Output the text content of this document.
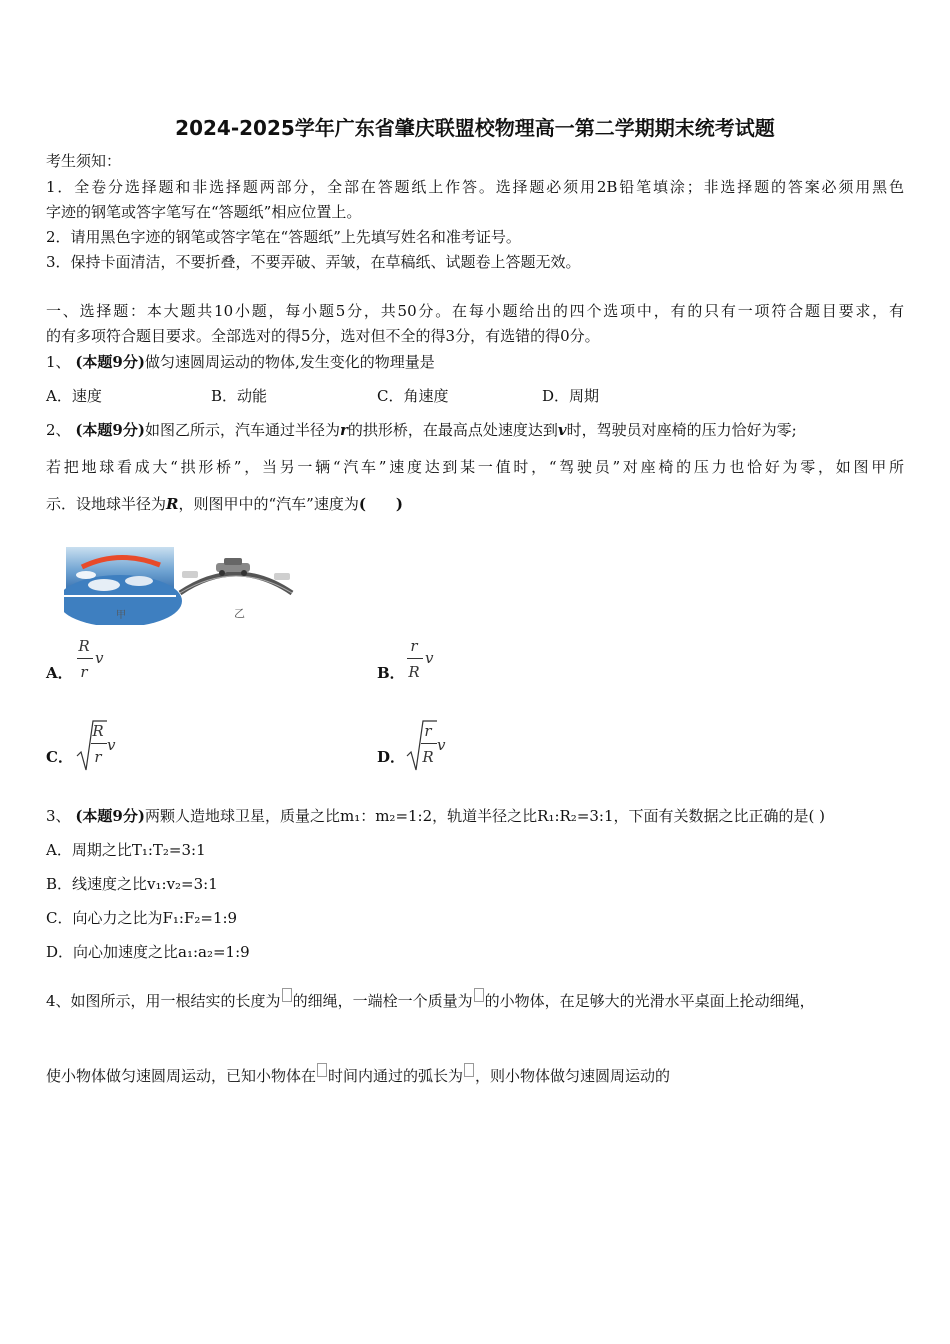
2024-2025学年广东省肇庆联盟校物理高一第二学期期末统考试题
考生须知：
1．全卷分选择题和非选择题两部分，全部在答题纸上作答。选择题必须用2B铅笔填涂；非选择题的答案必须用黑色
字迹的钢笔或答字笔写在“答题纸”相应位置上。
2．请用黑色字迹的钢笔或答字笔在“答题纸”上先填写姓名和准考证号。
3．保持卡面清洁，不要折叠，不要弄破、弄皱，在草稿纸、试题卷上答题无效。
一、选择题：本大题共10小题，每小题5分，共50分。在每小题给出的四个选项中，有的只有一项符合题目要求，有
的有多项符合题目要求。全部选对的得5分，选对但不全的得3分，有选错的得0分。
1、 (本题9分)做匀速圆周运动的物体,发生变化的物理量是
A．速度	B．动能	C．角速度	D．周期
2、 (本题9分)如图乙所示，汽车通过半径为r的拱形桥，在最高点处速度达到v时，驾驶员对座椅的压力恰好为零;
若把地球看成大“拱形桥”，当另一辆“汽车”速度达到某一值时，“驾驶员”对座椅的压力也恰好为零，如图甲所
示．设地球半径为R，则图甲中的“汽车”速度为(　　)
甲	乙
A．
R
r
v
B．
r
R
v
C．
R
r
v
D．
r
R
v
3、 (本题9分)两颗人造地球卫星，质量之比m₁：m₂=1:2，轨道半径之比R₁:R₂=3:1，下面有关数据之比正确的是( )
A．周期之比T₁:T₂=3:1
B．线速度之比v₁:v₂=3:1
C．向心力之比为F₁:F₂=1:9
D．向心加速度之比a₁:a₂=1:9
4、如图所示，用一根结实的长度为 的细绳，一端栓一个质量为 的小物体，在足够大的光滑水平桌面上抡动细绳，
使小物体做匀速圆周运动，已知小物体在 时间内通过的弧长为 ，则小物体做匀速圆周运动的
